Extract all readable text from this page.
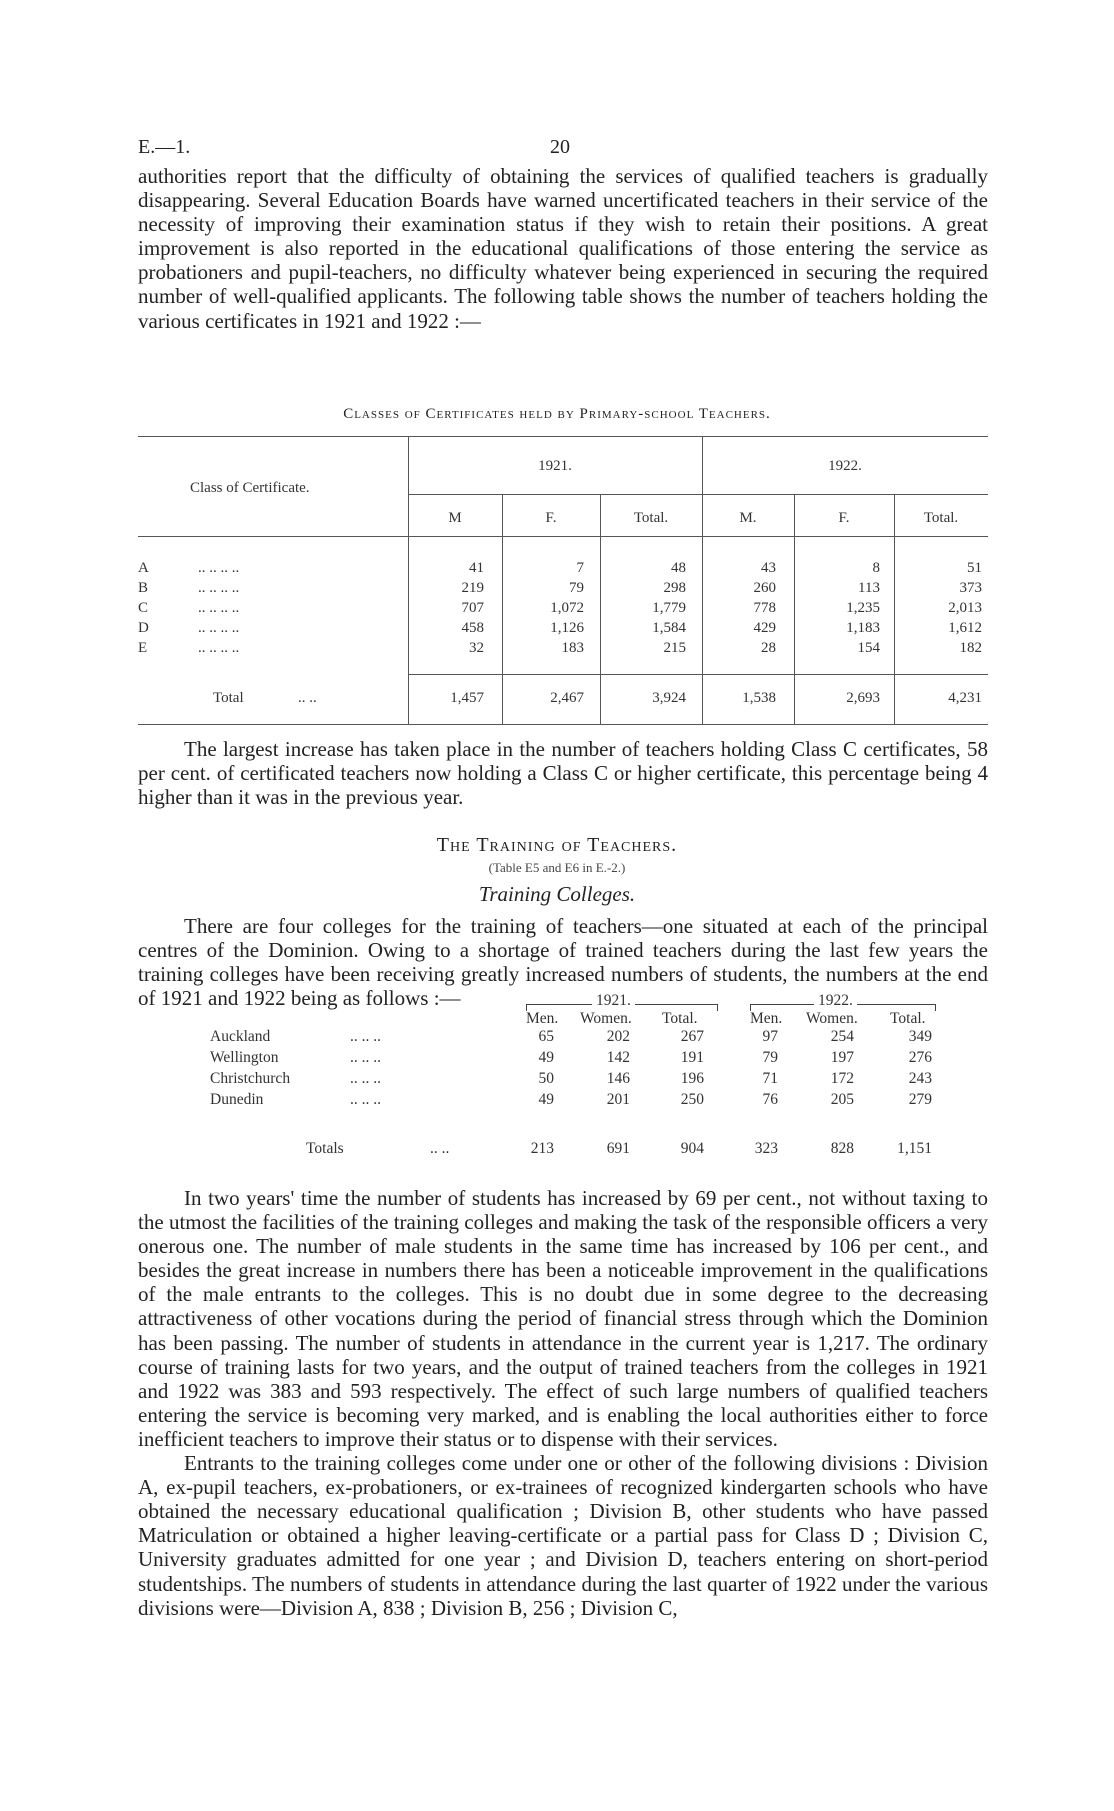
E.—1.	20

authorities report that the difficulty of obtaining the services of qualified teachers is gradually disappearing. Several Education Boards have warned uncertificated teachers in their service of the necessity of improving their examination status if they wish to retain their positions. A great improvement is also reported in the educational qualifications of those entering the service as probationers and pupil-teachers, no difficulty whatever being experienced in securing the required number of well-qualified applicants. The following table shows the number of teachers holding the various certificates in 1921 and 1922 :—

Classes of Certificates held by Primary-school Teachers.
Class of Certificate.
1921.	1922.
M	F.	Total.	M.	F.	Total.
A	.. .. .. ..	41	7	48	43	8	51
B	.. .. .. ..	219	79	298	260	113	373
C	.. .. .. ..	707	1,072	1,779	778	1,235	2,013
D	.. .. .. ..	458	1,126	1,584	429	1,183	1,612
E	.. .. .. ..	32	183	215	28	154	182
Total	.. ..	1,457	2,467	3,924	1,538	2,693	4,231

The largest increase has taken place in the number of teachers holding Class C certificates, 58 per cent. of certificated teachers now holding a Class C or higher certificate, this percentage being 4 higher than it was in the previous year.

The Training of Teachers.
(Table E5 and E6 in E.-2.)
Training Colleges.

There are four colleges for the training of teachers—one situated at each of the principal centres of the Dominion. Owing to a shortage of trained teachers during the last few years the training colleges have been receiving greatly increased numbers of students, the numbers at the end of 1921 and 1922 being as follows :—	1921.	1922.
Men. Women. Total.	Men. Women. Total.
Auckland	.. .. ..	65	202	267	97	254	349
Wellington	.. .. ..	49	142	191	79	197	276
Christchurch	.. .. ..	50	146	196	71	172	243
Dunedin	.. .. ..	49	201	250	76	205	279
Totals	.. ..	213	691	904	323	828	1,151

In two years' time the number of students has increased by 69 per cent., not without taxing to the utmost the facilities of the training colleges and making the task of the responsible officers a very onerous one. The number of male students in the same time has increased by 106 per cent., and besides the great increase in numbers there has been a noticeable improvement in the qualifications of the male entrants to the colleges. This is no doubt due in some degree to the decreasing attractiveness of other vocations during the period of financial stress through which the Dominion has been passing. The number of students in attendance in the current year is 1,217. The ordinary course of training lasts for two years, and the output of trained teachers from the colleges in 1921 and 1922 was 383 and 593 respectively. The effect of such large numbers of qualified teachers entering the service is becoming very marked, and is enabling the local authorities either to force inefficient teachers to improve their status or to dispense with their services.

Entrants to the training colleges come under one or other of the following divisions : Division A, ex-pupil teachers, ex-probationers, or ex-trainees of recognized kindergarten schools who have obtained the necessary educational qualification ; Division B, other students who have passed Matriculation or obtained a higher leaving-certificate or a partial pass for Class D ; Division C, University graduates admitted for one year ; and Division D, teachers entering on short-period studentships. The numbers of students in attendance during the last quarter of 1922 under the various divisions were—Division A, 838 ; Division B, 256 ; Division C,
